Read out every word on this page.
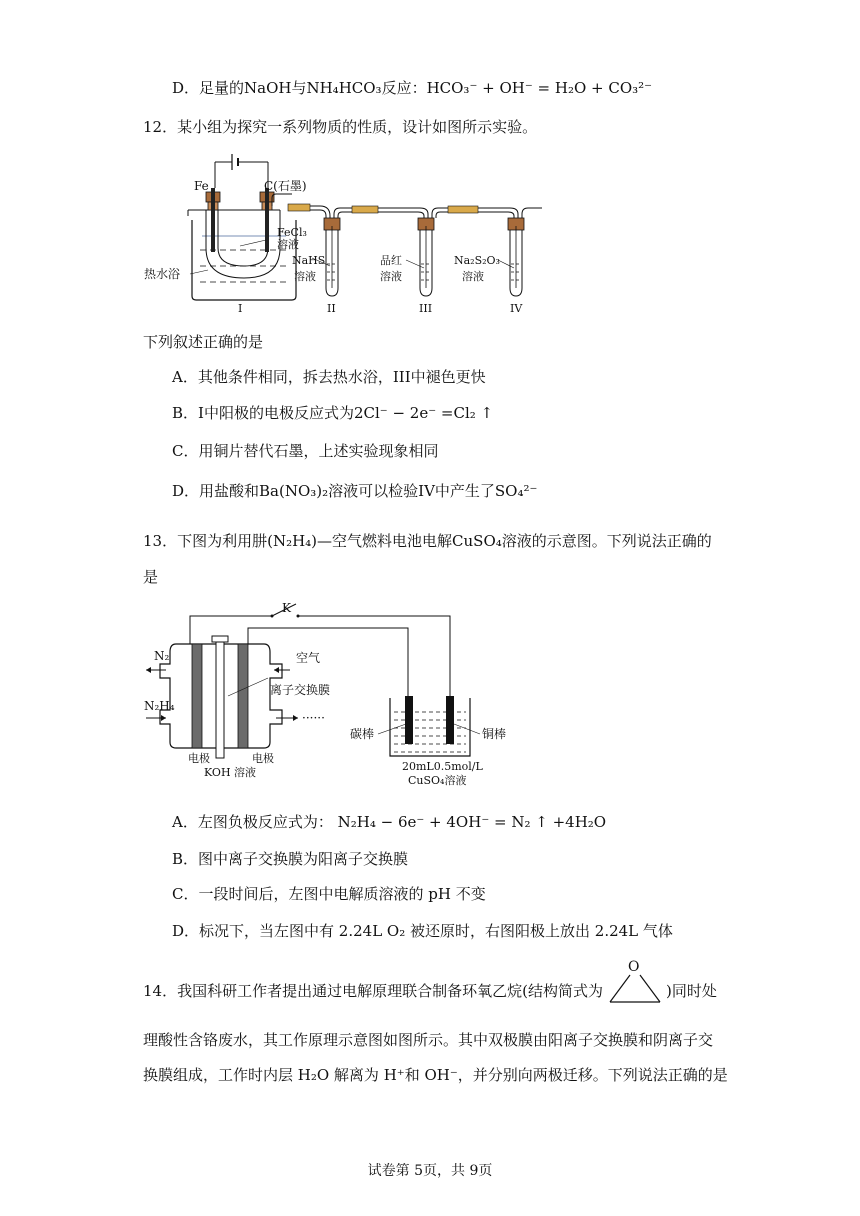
D．足量的NaOH与NH₄HCO₃反应：HCO₃⁻ + OH⁻ = H₂O + CO₃²⁻
12．某小组为探究一系列物质的性质，设计如图所示实验。
Fe	C(石墨)
FeCl₃
溶液
热水浴
NaHS
溶液
品红
溶液
Na₂S₂O₃
溶液
I	II	III	IV
下列叙述正确的是
A．其他条件相同，拆去热水浴，III中褪色更快
B．I中阳极的电极反应式为2Cl⁻ − 2e⁻ =Cl₂ ↑
C．用铜片替代石墨，上述实验现象相同
D．用盐酸和Ba(NO₃)₂溶液可以检验IV中产生了SO₄²⁻
13．下图为利用肼(N₂H₄)—空气燃料电池电解CuSO₄溶液的示意图。下列说法正确的
是
K
N₂	空气
N₂H₄
离子交换膜
······
电极	电极
KOH 溶液
碳棒	铜棒
20mL0.5mol/L
CuSO₄溶液
A．左图负极反应式为： N₂H₄ − 6e⁻ + 4OH⁻ = N₂ ↑ +4H₂O
B．图中离子交换膜为阳离子交换膜
C．一段时间后，左图中电解质溶液的 pH 不变
D．标况下，当左图中有 2.24L O₂ 被还原时，右图阳极上放出 2.24L 气体
14．我国科研工作者提出通过电解原理联合制备环氧乙烷(结构简式为
O
)同时处
理酸性含铬废水，其工作原理示意图如图所示。其中双极膜由阳离子交换膜和阴离子交
换膜组成，工作时内层 H₂O 解离为 H⁺和 OH⁻，并分别向两极迁移。下列说法正确的是
试卷第 5页，共 9页
